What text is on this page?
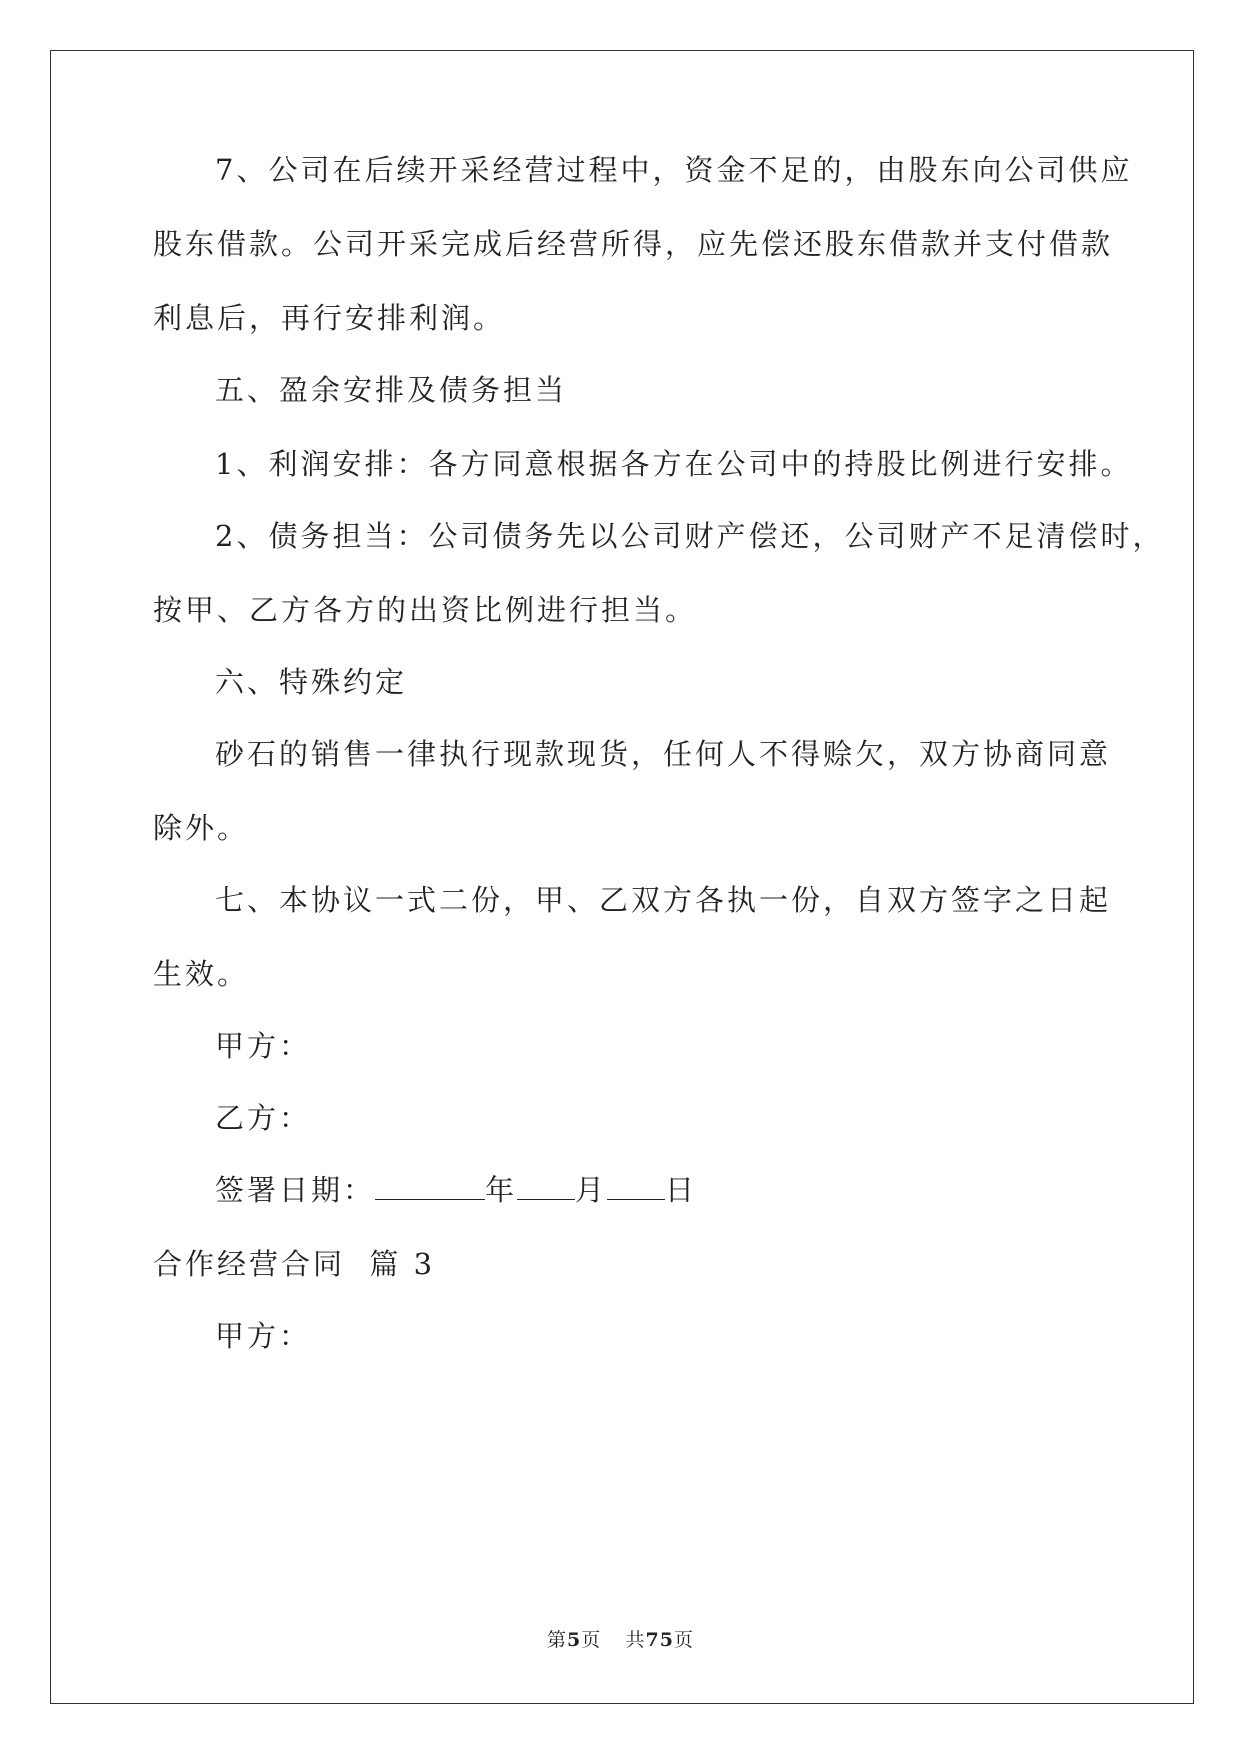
7、公司在后续开采经营过程中，资金不足的，由股东向公司供应
股东借款。公司开采完成后经营所得，应先偿还股东借款并支付借款
利息后，再行安排利润。
五、盈余安排及债务担当
1、利润安排：各方同意根据各方在公司中的持股比例进行安排。
2、债务担当：公司债务先以公司财产偿还，公司财产不足清偿时，
按甲、乙方各方的出资比例进行担当。
六、特殊约定
砂石的销售一律执行现款现货，任何人不得赊欠，双方协商同意
除外。
七、本协议一式二份，甲、乙双方各执一份，自双方签字之日起
生效。
甲方：
乙方：
签署日期：	年 月 日
合作经营合同  篇 3
甲方：
第5页 共75页
